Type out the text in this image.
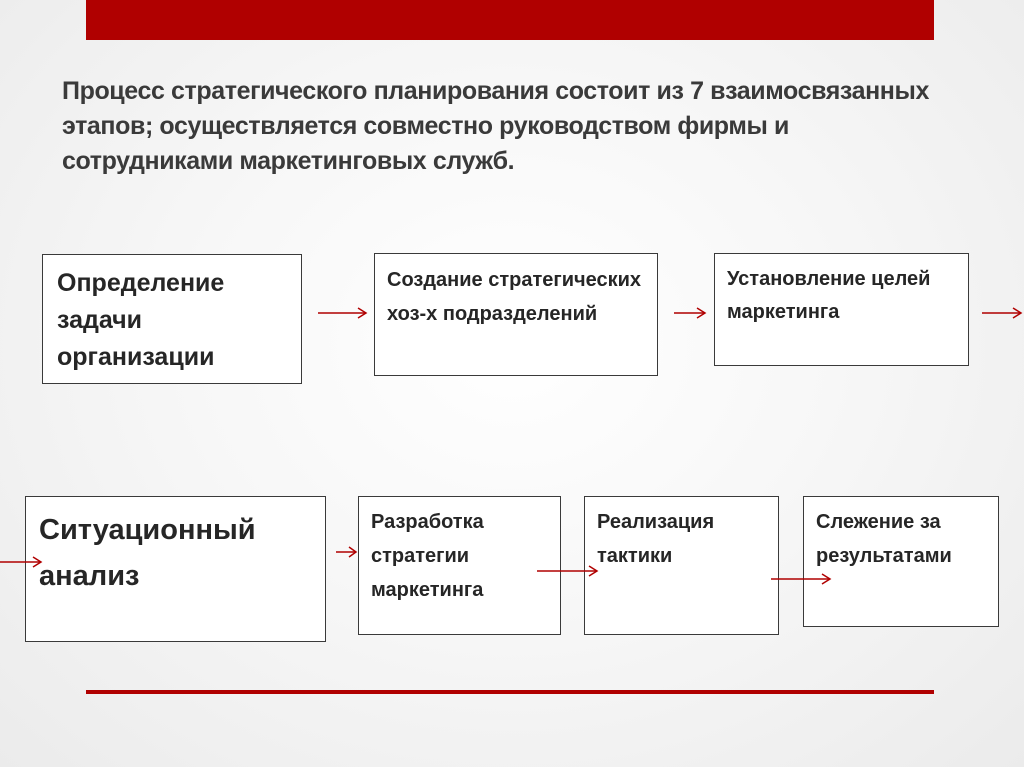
Процесс стратегического планирования состоит из 7 взаимосвязанных этапов; осуществляется совместно руководством фирмы и сотрудниками маркетинговых служб.
Определение задачи организации
Создание стратегических хоз-х подразделений
Установление целей маркетинга
Ситуационный анализ
Разработка стратегии маркетинга
Реализация тактики
Слежение за результатами
